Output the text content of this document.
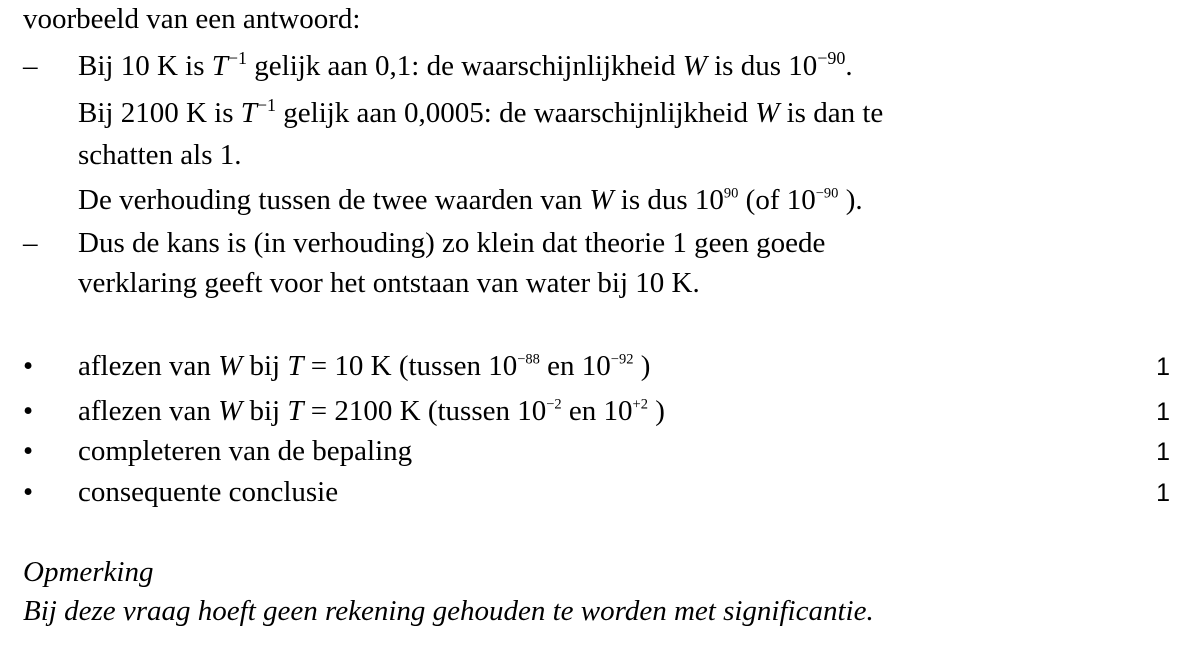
voorbeeld van een antwoord:
– Bij 10 K is $T^{-1}$ gelijk aan 0,1: de waarschijnlijkheid W is dus $10^{-90}$.
Bij 2100 K is $T^{-1}$ gelijk aan 0,0005: de waarschijnlijkheid W is dan te
schatten als 1.
De verhouding tussen de twee waarden van W is dus $10^{90}$ (of $10^{-90}$ ).
– Dus de kans is (in verhouding) zo klein dat theorie 1 geen goede
verklaring geeft voor het ontstaan van water bij 10 K.
• aflezen van W bij T = 10 K (tussen $10^{-88}$ en $10^{-92}$ )	1
• aflezen van W bij T = 2100 K (tussen $10^{-2}$ en $10^{+2}$ )	1
• completeren van de bepaling	1
• consequente conclusie	1
Opmerking
Bij deze vraag hoeft geen rekening gehouden te worden met significantie.
